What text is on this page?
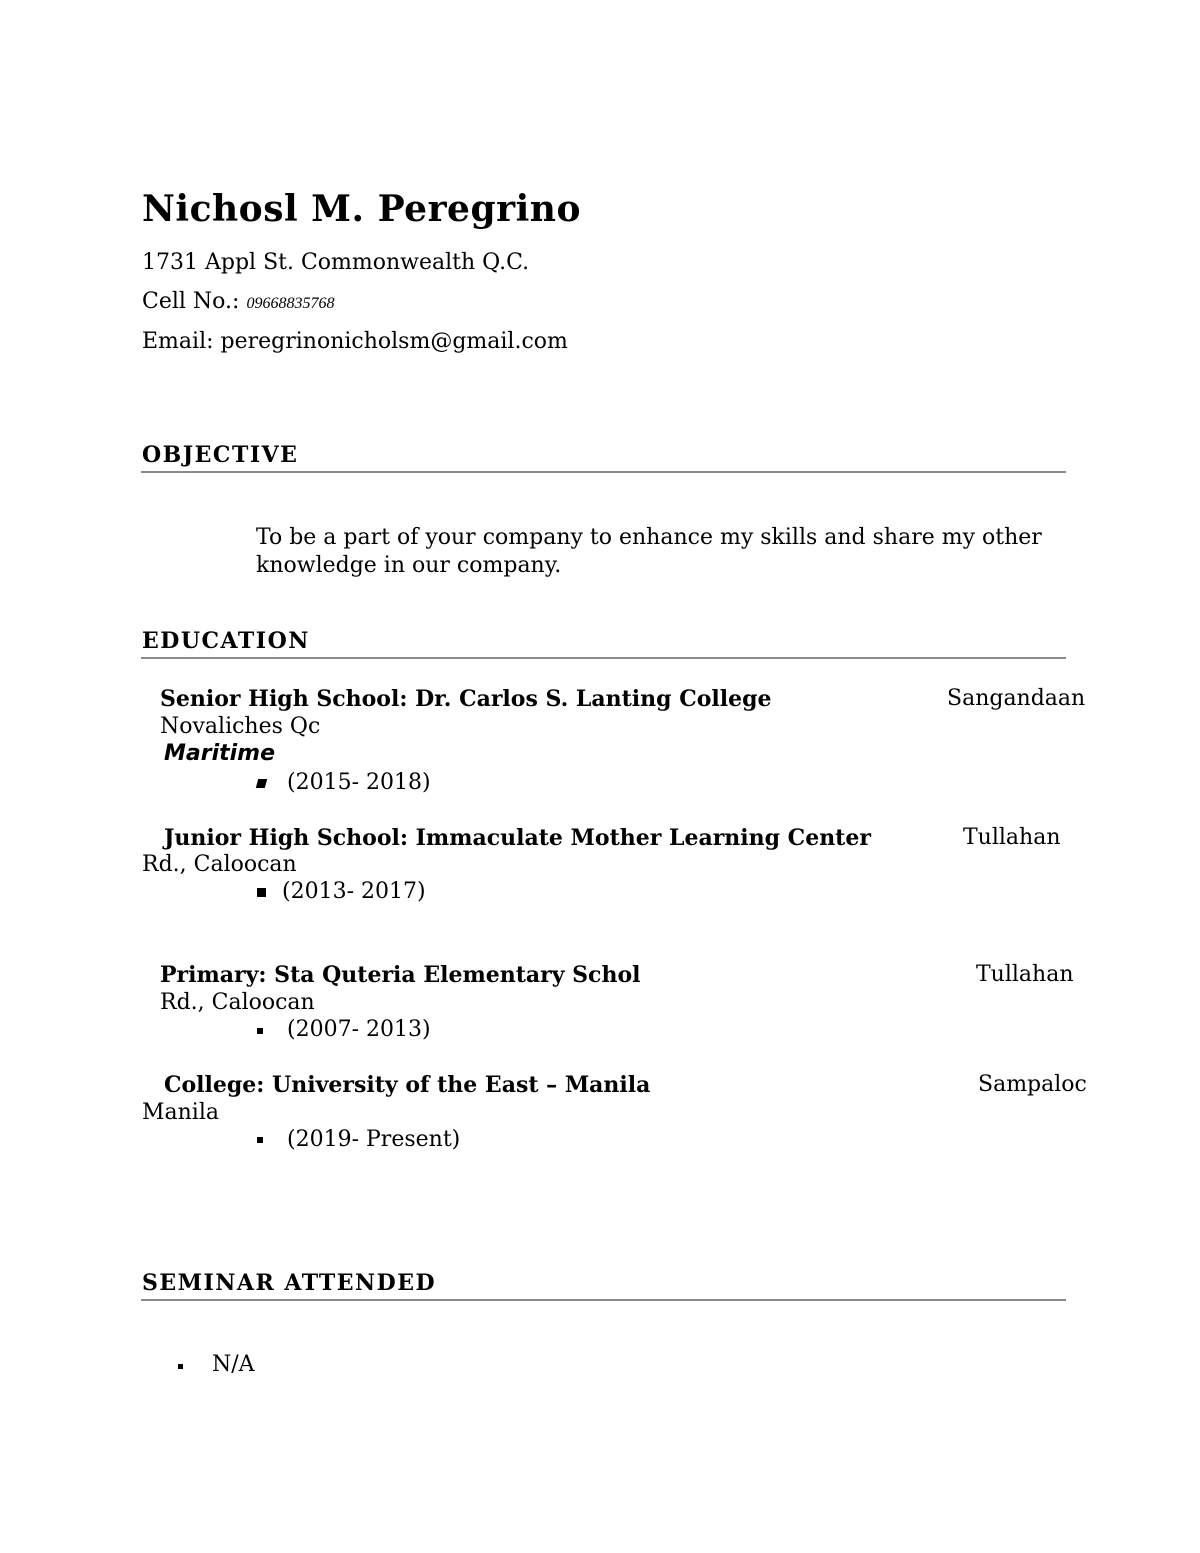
Nichosl M. Peregrino
1731 Appl St. Commonwealth Q.C.
Cell No.: 09668835768
Email: peregrinonicholsm@gmail.com
OBJECTIVE
To be a part of your company to enhance my skills and share my other knowledge in our company.
EDUCATION
Senior High School: Dr. Carlos S. Lanting College	Sangandaan
Novaliches Qc
Maritime
(2015- 2018)
Junior High School: Immaculate Mother Learning Center	Tullahan
Rd., Caloocan
(2013- 2017)
Primary: Sta Quteria Elementary Schol	Tullahan
Rd., Caloocan
(2007- 2013)
College: University of the East – Manila	Sampaloc
Manila
(2019- Present)
SEMINAR ATTENDED
N/A
